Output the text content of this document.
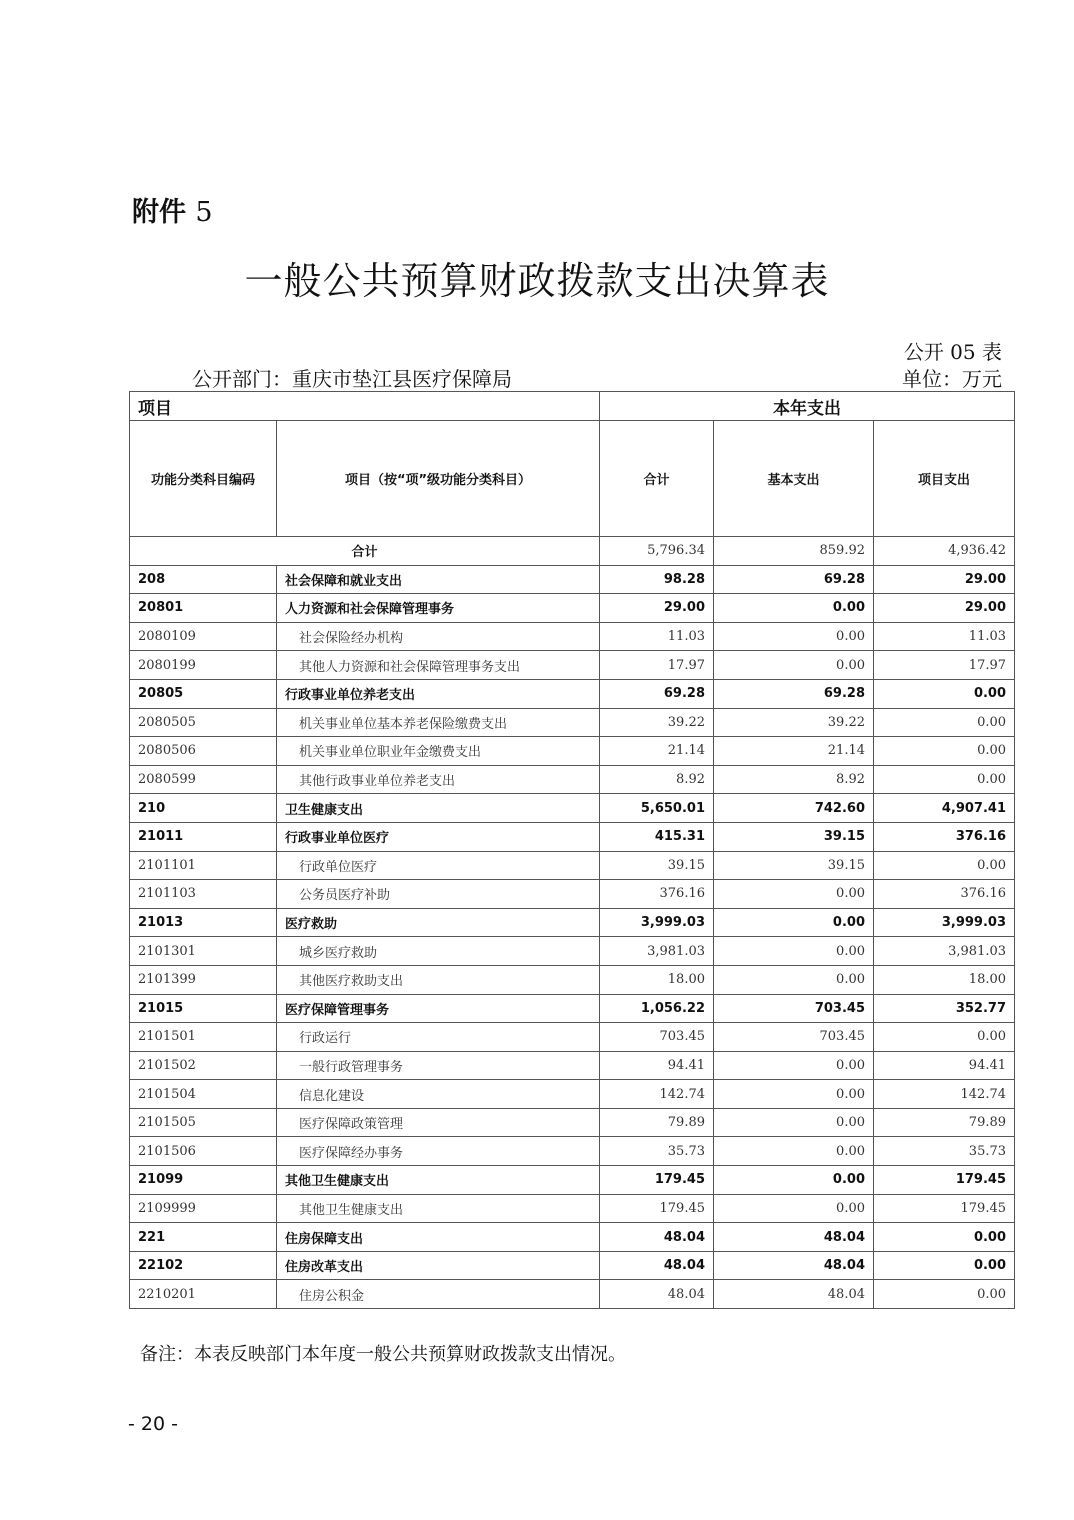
附件 5
一般公共预算财政拨款支出决算表
公开 05 表
公开部门：重庆市垫江县医疗保障局	单位：万元
项目		本年支出		
功能分类科目编码	项目（按“项”级功能分类科目）	合计	基本支出	项目支出
合计		5,796.34	859.92	4,936.42
208	社会保障和就业支出	98.28	69.28	29.00
20801	人力资源和社会保障管理事务	29.00	0.00	29.00
2080109	社会保险经办机构	11.03	0.00	11.03
2080199	其他人力资源和社会保障管理事务支出	17.97	0.00	17.97
20805	行政事业单位养老支出	69.28	69.28	0.00
2080505	机关事业单位基本养老保险缴费支出	39.22	39.22	0.00
2080506	机关事业单位职业年金缴费支出	21.14	21.14	0.00
2080599	其他行政事业单位养老支出	8.92	8.92	0.00
210	卫生健康支出	5,650.01	742.60	4,907.41
21011	行政事业单位医疗	415.31	39.15	376.16
2101101	行政单位医疗	39.15	39.15	0.00
2101103	公务员医疗补助	376.16	0.00	376.16
21013	医疗救助	3,999.03	0.00	3,999.03
2101301	城乡医疗救助	3,981.03	0.00	3,981.03
2101399	其他医疗救助支出	18.00	0.00	18.00
21015	医疗保障管理事务	1,056.22	703.45	352.77
2101501	行政运行	703.45	703.45	0.00
2101502	一般行政管理事务	94.41	0.00	94.41
2101504	信息化建设	142.74	0.00	142.74
2101505	医疗保障政策管理	79.89	0.00	79.89
2101506	医疗保障经办事务	35.73	0.00	35.73
21099	其他卫生健康支出	179.45	0.00	179.45
2109999	其他卫生健康支出	179.45	0.00	179.45
221	住房保障支出	48.04	48.04	0.00
22102	住房改革支出	48.04	48.04	0.00
2210201	住房公积金	48.04	48.04	0.00
备注：本表反映部门本年度一般公共预算财政拨款支出情况。
- 20 -
